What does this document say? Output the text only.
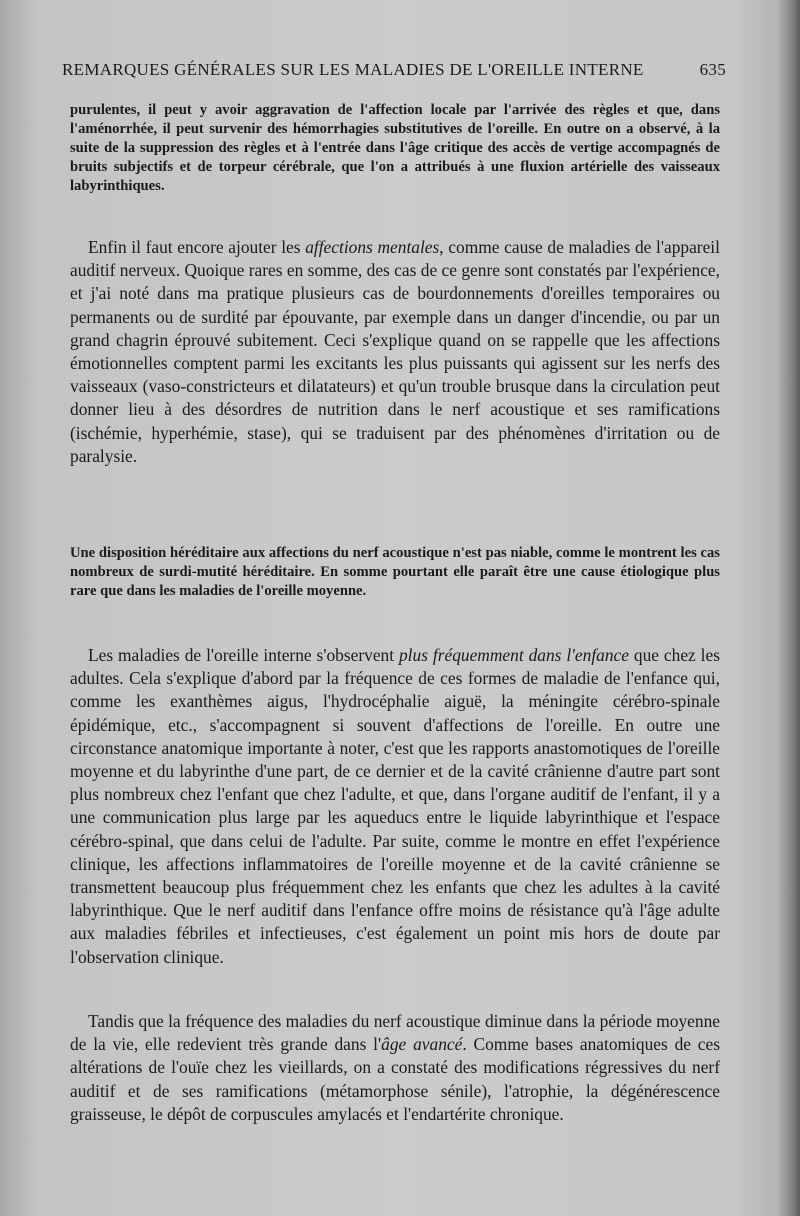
REMARQUES GÉNÉRALES SUR LES MALADIES DE L'OREILLE INTERNE	635

purulentes, il peut y avoir aggravation de l'affection locale par l'arrivée des règles et que, dans l'aménorrhée, il peut survenir des hémorrhagies substitutives de l'oreille. En outre on a observé, à la suite de la suppression des règles et à l'entrée dans l'âge critique des accès de vertige accompagnés de bruits subjectifs et de torpeur cérébrale, que l'on a attribués à une fluxion artérielle des vaisseaux labyrinthiques.

Enfin il faut encore ajouter les affections mentales, comme cause de maladies de l'appareil auditif nerveux. Quoique rares en somme, des cas de ce genre sont constatés par l'expérience, et j'ai noté dans ma pratique plusieurs cas de bourdonnements d'oreilles temporaires ou permanents ou de surdité par épouvante, par exemple dans un danger d'incendie, ou par un grand chagrin éprouvé subitement. Ceci s'explique quand on se rappelle que les affections émotionnelles comptent parmi les excitants les plus puissants qui agissent sur les nerfs des vaisseaux (vaso-constricteurs et dilatateurs) et qu'un trouble brusque dans la circulation peut donner lieu à des désordres de nutrition dans le nerf acoustique et ses ramifications (ischémie, hyperhémie, stase), qui se traduisent par des phénomènes d'irritation ou de paralysie.

Une disposition héréditaire aux affections du nerf acoustique n'est pas niable, comme le montrent les cas nombreux de surdi-mutité héréditaire. En somme pourtant elle paraît être une cause étiologique plus rare que dans les maladies de l'oreille moyenne.

Les maladies de l'oreille interne s'observent plus fréquemment dans l'enfance que chez les adultes. Cela s'explique d'abord par la fréquence de ces formes de maladie de l'enfance qui, comme les exanthèmes aigus, l'hydrocéphalie aiguë, la méningite cérébro-spinale épidémique, etc., s'accompagnent si souvent d'affections de l'oreille. En outre une circonstance anatomique importante à noter, c'est que les rapports anastomotiques de l'oreille moyenne et du labyrinthe d'une part, de ce dernier et de la cavité crânienne d'autre part sont plus nombreux chez l'enfant que chez l'adulte, et que, dans l'organe auditif de l'enfant, il y a une communication plus large par les aqueducs entre le liquide labyrinthique et l'espace cérébro-spinal, que dans celui de l'adulte. Par suite, comme le montre en effet l'expérience clinique, les affections inflammatoires de l'oreille moyenne et de la cavité crânienne se transmettent beaucoup plus fréquemment chez les enfants que chez les adultes à la cavité labyrinthique. Que le nerf auditif dans l'enfance offre moins de résistance qu'à l'âge adulte aux maladies fébriles et infectieuses, c'est également un point mis hors de doute par l'observation clinique.

Tandis que la fréquence des maladies du nerf acoustique diminue dans la période moyenne de la vie, elle redevient très grande dans l'âge avancé. Comme bases anatomiques de ces altérations de l'ouïe chez les vieillards, on a constaté des modifications régressives du nerf auditif et de ses ramifications (métamorphose sénile), l'atrophie, la dégénérescence graisseuse, le dépôt de corpuscules amylacés et l'endartérite chronique.
